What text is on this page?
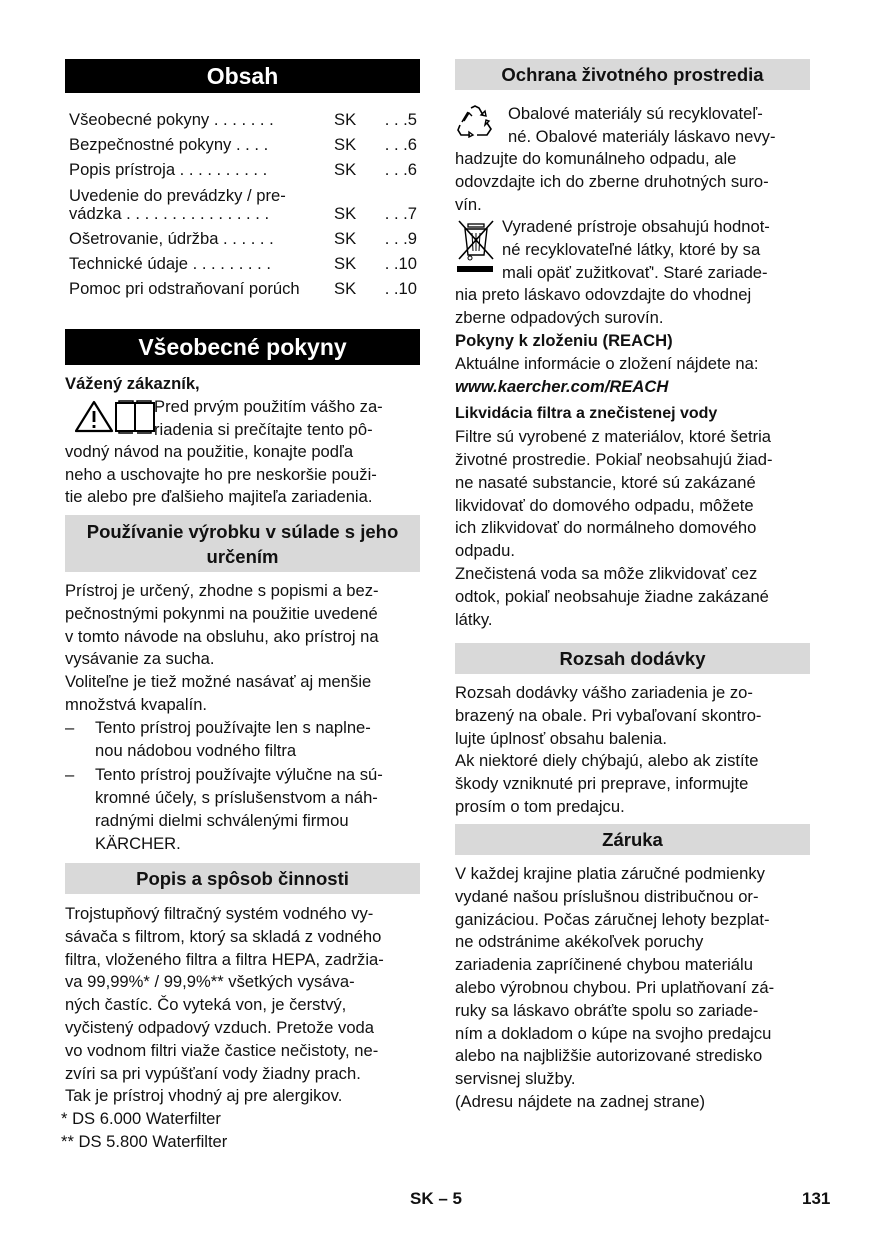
Obsah
Všeobecné pokyny . . . . . . .	SK . . .5
Bezpečnostné pokyny . . . .	SK . . .6
Popis prístroja . . . . . . . . . .	SK . . .6
Uvedenie do prevádzky / pre-
vádzka . . . . . . . . . . . . . . . .	SK . . .7
Ošetrovanie, údržba . . . . . .	SK . . .9
Technické údaje . . . . . . . . .	SK . .10
Pomoc pri odstraňovaní porúch SK . .10
Všeobecné pokyny
Vážený zákazník,
Pred prvým použitím vášho za-
riadenia si prečítajte tento pô-
vodný návod na použitie, konajte podľa
neho a uschovajte ho pre neskoršie použi-
tie alebo pre ďalšieho majiteľa zariadenia.
Používanie výrobku v súlade s jeho
určením
Prístroj je určený, zhodne s popismi a bez-
pečnostnými pokynmi na použitie uvedené
v tomto návode na obsluhu, ako prístroj na
vysávanie za sucha.
Voliteľne je tiež možné nasávať aj menšie
množstvá kvapalín.
– Tento prístroj používajte len s naplne-
nou nádobou vodného filtra
– Tento prístroj používajte výlučne na sú-
kromné účely, s príslušenstvom a náh-
radnými dielmi schválenými firmou
KÄRCHER.
Popis a spôsob činnosti
Trojstupňový filtračný systém vodného vy-
sávača s filtrom, ktorý sa skladá z vodného
filtra, vloženého filtra a filtra HEPA, zadržia-
va 99,99%* / 99,9%** všetkých vysáva-
ných častíc. Čo vyteká von, je čerstvý,
vyčistený odpadový vzduch. Pretože voda
vo vodnom filtri viaže častice nečistoty, ne-
zvíri sa pri vypúšťaní vody žiadny prach.
Tak je prístroj vhodný aj pre alergikov.
* DS 6.000 Waterfilter
** DS 5.800 Waterfilter
Ochrana životného prostredia
Obalové materiály sú recyklovateľ-
né. Obalové materiály láskavo nevy-
hadzujte do komunálneho odpadu, ale
odovzdajte ich do zberne druhotných suro-
vín.
Vyradené prístroje obsahujú hodnot-
né recyklovateľné látky, ktoré by sa
mali opäť zužitkovať'. Staré zariade-
nia preto láskavo odovzdajte do vhodnej
zberne odpadových surovín.
Pokyny k zloženiu (REACH)
Aktuálne informácie o zložení nájdete na:
www.kaercher.com/REACH
Likvidácia filtra a znečistenej vody
Filtre sú vyrobené z materiálov, ktoré šetria
životné prostredie. Pokiaľ neobsahujú žiad-
ne nasaté substancie, ktoré sú zakázané
likvidovať do domového odpadu, môžete
ich zlikvidovať do normálneho domového
odpadu.
Znečistená voda sa môže zlikvidovať cez
odtok, pokiaľ neobsahuje žiadne zakázané
látky.
Rozsah dodávky
Rozsah dodávky vášho zariadenia je zo-
brazený na obale. Pri vybaľovaní skontro-
lujte úplnosť obsahu balenia.
Ak niektoré diely chýbajú, alebo ak zistíte
škody vzniknuté pri preprave, informujte
prosím o tom predajcu.
Záruka
V každej krajine platia záručné podmienky
vydané našou príslušnou distribučnou or-
ganizáciou. Počas záručnej lehoty bezplat-
ne odstránime akékoľvek poruchy
zariadenia zapríčinené chybou materiálu
alebo výrobnou chybou. Pri uplatňovaní zá-
ruky sa láskavo obráťte spolu so zariade-
ním a dokladom o kúpe na svojho predajcu
alebo na najbližšie autorizované stredisko
servisnej služby.
(Adresu nájdete na zadnej strane)
SK – 5	131
